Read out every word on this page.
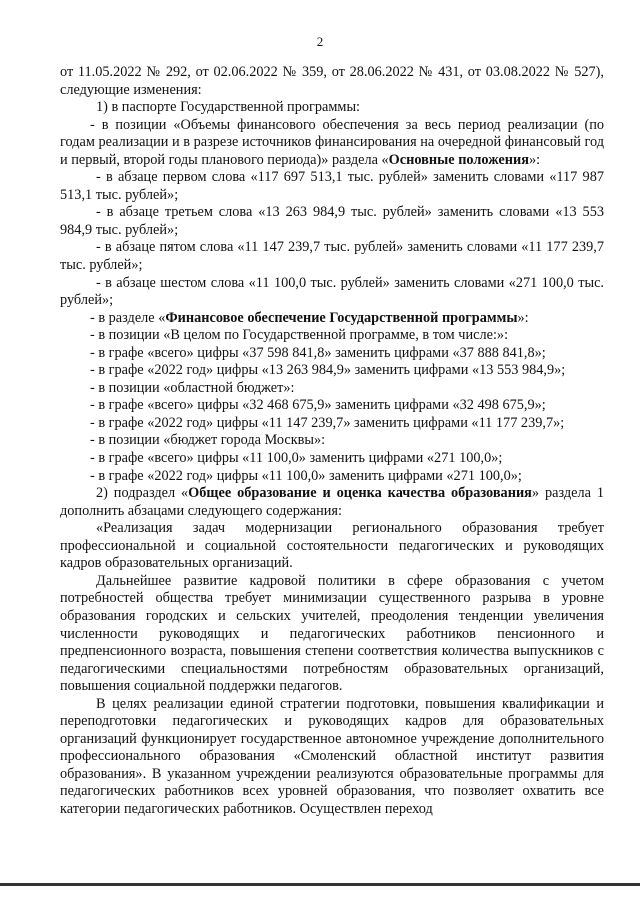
2

от 11.05.2022 № 292, от 02.06.2022 № 359, от 28.06.2022 № 431, от 03.08.2022 № 527), следующие изменения:

1) в паспорте Государственной программы:

- в позиции «Объемы финансового обеспечения за весь период реализации (по годам реализации и в разрезе источников финансирования на очередной финансовый год и первый, второй годы планового периода)» раздела «Основные положения»:

- в абзаце первом слова «117 697 513,1 тыс. рублей» заменить словами «117 987 513,1 тыс. рублей»;

- в абзаце третьем слова «13 263 984,9 тыс. рублей» заменить словами «13 553 984,9 тыс. рублей»;

- в абзаце пятом слова «11 147 239,7 тыс. рублей» заменить словами «11 177 239,7 тыс. рублей»;

- в абзаце шестом слова «11 100,0 тыс. рублей» заменить словами «271 100,0 тыс. рублей»;

- в разделе «Финансовое обеспечение Государственной программы»:

- в позиции «В целом по Государственной программе, в том числе:»:

- в графе «всего» цифры «37 598 841,8» заменить цифрами «37 888 841,8»;

- в графе «2022 год» цифры «13 263 984,9» заменить цифрами «13 553 984,9»;

- в позиции «областной бюджет»:

- в графе «всего» цифры «32 468 675,9» заменить цифрами «32 498 675,9»;

- в графе «2022 год» цифры «11 147 239,7» заменить цифрами «11 177 239,7»;

- в позиции «бюджет города Москвы»:

- в графе «всего» цифры «11 100,0» заменить цифрами «271 100,0»;

- в графе «2022 год» цифры «11 100,0» заменить цифрами «271 100,0»;

2) подраздел «Общее образование и оценка качества образования» раздела 1 дополнить абзацами следующего содержания:

«Реализация задач модернизации регионального образования требует профессиональной и социальной состоятельности педагогических и руководящих кадров образовательных организаций.

Дальнейшее развитие кадровой политики в сфере образования с учетом потребностей общества требует минимизации существенного разрыва в уровне образования городских и сельских учителей, преодоления тенденции увеличения численности руководящих и педагогических работников пенсионного и предпенсионного возраста, повышения степени соответствия количества выпускников с педагогическими специальностями потребностям образовательных организаций, повышения социальной поддержки педагогов.

В целях реализации единой стратегии подготовки, повышения квалификации и переподготовки педагогических и руководящих кадров для образовательных организаций функционирует государственное автономное учреждение дополнительного профессионального образования «Смоленский областной институт развития образования». В указанном учреждении реализуются образовательные программы для педагогических работников всех уровней образования, что позволяет охватить все категории педагогических работников. Осуществлен переход
